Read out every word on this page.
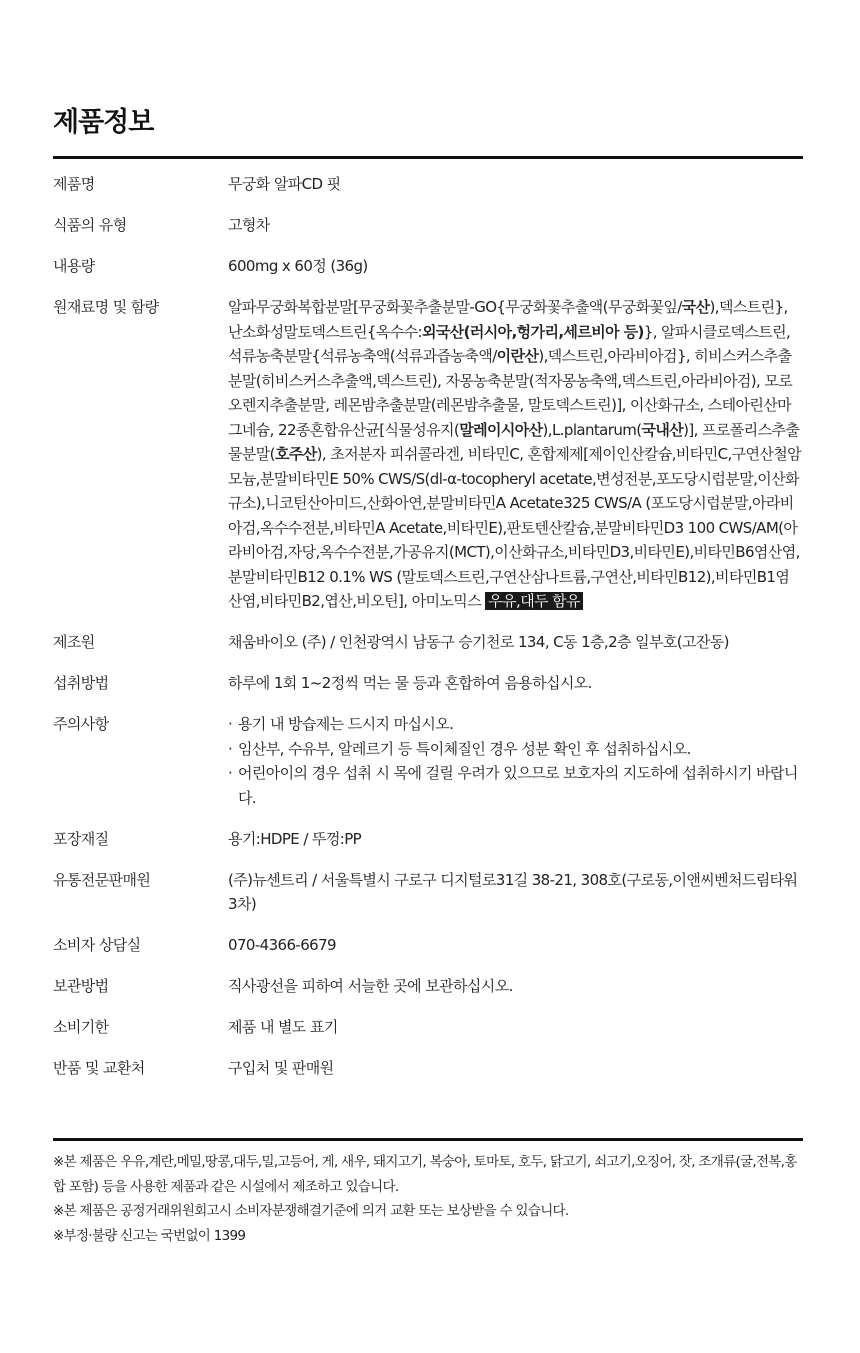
제품정보
제품명	무궁화 알파CD 핏
식품의 유형	고형차
내용량	600mg x 60정 (36g)
원재료명 및 함량	알파무궁화복합분말[무궁화꽃추출분말-GO{무궁화꽃추출액(무궁화꽃잎/국산),덱스트린}, 난소화성말토덱스트린{옥수수:외국산(러시아,헝가리,세르비아 등)}, 알파시클로덱스트린, 석류농축분말{석류농축액(석류과즙농축액/이란산),덱스트린,아라비아검}, 히비스커스추출분말(히비스커스추출액,덱스트린), 자몽농축분말(적자몽농축액,덱스트린,아라비아검), 모로오렌지추출분말, 레몬밤추출분말(레몬밤추출물, 말토덱스트린)], 이산화규소, 스테아린산마그네슘, 22종혼합유산균[식물성유지(말레이시아산),L.plantarum(국내산)], 프로폴리스추출물분말(호주산), 초저분자 피쉬콜라겐, 비타민C, 혼합제제[제이인산칼슘,비타민C,구연산철암모늄,분말비타민E 50% CWS/S(dl-α-tocopheryl acetate,변성전분,포도당시럽분말,이산화규소),니코틴산아미드,산화아연,분말비타민A Acetate325 CWS/A (포도당시럽분말,아라비아검,옥수수전분,비타민A Acetate,비타민E),판토텐산칼슘,분말비타민D3 100 CWS/AM(아라비아검,자당,옥수수전분,가공유지(MCT),이산화규소,비타민D3,비타민E),비타민B6염산염,분말비타민B12 0.1% WS (말토덱스트린,구연산삼나트륨,구연산,비타민B12),비타민B1염산염,비타민B2,엽산,비오틴], 아미노믹스 우유,대두 함유
제조원	채움바이오 (주) / 인천광역시 남동구 승기천로 134, C동 1층,2층 일부호(고잔동)
섭취방법	하루에 1회 1~2정씩 먹는 물 등과 혼합하여 음용하십시오.
주의사항	· 용기 내 방습제는 드시지 마십시오.
· 임산부, 수유부, 알레르기 등 특이체질인 경우 성분 확인 후 섭취하십시오.
· 어린아이의 경우 섭취 시 목에 걸릴 우려가 있으므로 보호자의 지도하에 섭취하시기 바랍니다.
포장재질	용기:HDPE / 뚜껑:PP
유통전문판매원	(주)뉴센트리 / 서울특별시 구로구 디지털로31길 38-21, 308호(구로동,이앤씨벤처드림타워 3차)
소비자 상담실	070-4366-6679
보관방법	직사광선을 피하여 서늘한 곳에 보관하십시오.
소비기한	제품 내 별도 표기
반품 및 교환처	구입처 및 판매원

※본 제품은 우유,계란,메밀,땅콩,대두,밀,고등어, 게, 새우, 돼지고기, 복숭아, 토마토, 호두, 닭고기, 쇠고기,오징어, 잣, 조개류(굴,전복,홍합 포함) 등을 사용한 제품과 같은 시설에서 제조하고 있습니다.

※본 제품은 공정거래위원회고시 소비자분쟁해결기준에 의거 교환 또는 보상받을 수 있습니다.

※부정·불량 신고는 국번없이 1399
